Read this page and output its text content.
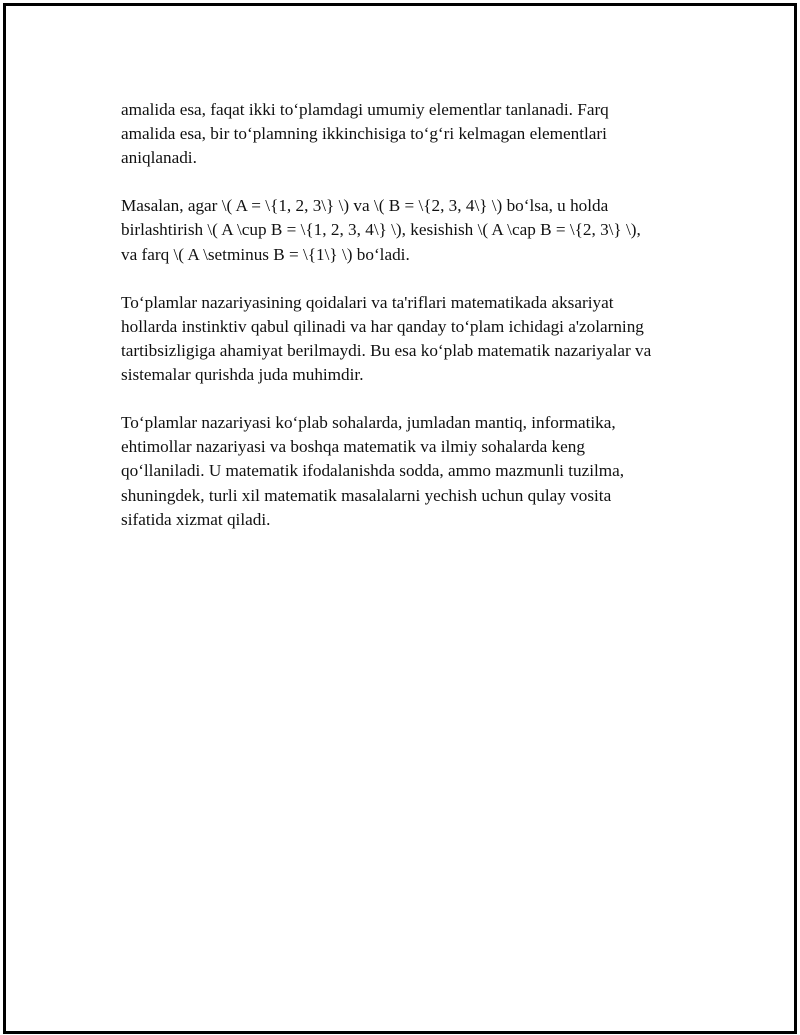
amalida esa, faqat ikki to‘plamdagi umumiy elementlar tanlanadi. Farq
amalida esa, bir to‘plamning ikkinchisiga to‘g‘ri kelmagan elementlari
aniqlanadi.

Masalan, agar \( A = \{1, 2, 3\} \) va \( B = \{2, 3, 4\} \) bo‘lsa, u holda
birlashtirish \( A \cup B = \{1, 2, 3, 4\} \), kesishish \( A \cap B = \{2, 3\} \),
va farq \( A \setminus B = \{1\} \) bo‘ladi.

To‘plamlar nazariyasining qoidalari va ta'riflari matematikada aksariyat
hollarda instinktiv qabul qilinadi va har qanday to‘plam ichidagi a'zolarning
tartibsizligiga ahamiyat berilmaydi. Bu esa ko‘plab matematik nazariyalar va
sistemalar qurishda juda muhimdir.

To‘plamlar nazariyasi ko‘plab sohalarda, jumladan mantiq, informatika,
ehtimollar nazariyasi va boshqa matematik va ilmiy sohalarda keng
qo‘llaniladi. U matematik ifodalanishda sodda, ammo mazmunli tuzilma,
shuningdek, turli xil matematik masalalarni yechish uchun qulay vosita
sifatida xizmat qiladi.
